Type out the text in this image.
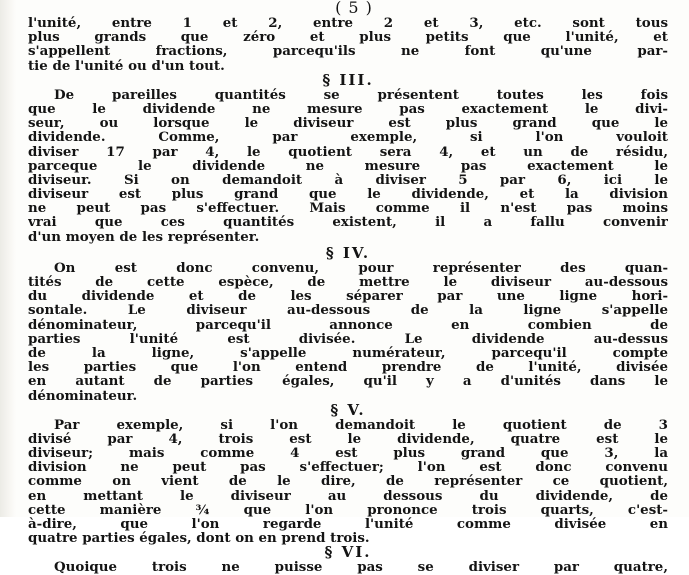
( 5 )
l'unité, entre 1 et 2, entre 2 et 3, etc. sont tous
plus grands que zéro et plus petits que l'unité, et
s'appellent fractions, parcequ'ils ne font qu'une par-
tie de l'unité ou d'un tout.
§ III.
De pareilles quantités se présentent toutes les fois
que le dividende ne mesure pas exactement le divi-
seur, ou lorsque le diviseur est plus grand que le
dividende. Comme, par exemple, si l'on vouloit
diviser 17 par 4, le quotient sera 4, et un de résidu,
parceque le dividende ne mesure pas exactement le
diviseur. Si on demandoit à diviser 5 par 6, ici le
diviseur est plus grand que le dividende, et la division
ne peut pas s'effectuer. Mais comme il n'est pas moins
vrai que ces quantités existent, il a fallu convenir
d'un moyen de les représenter.
§ IV.
On est donc convenu, pour représenter des quan-
tités de cette espèce, de mettre le diviseur au-dessous
du dividende et de les séparer par une ligne hori-
sontale. Le diviseur au-dessous de la ligne s'appelle
dénominateur, parcequ'il annonce en combien de
parties l'unité est divisée. Le dividende au-dessus
de la ligne, s'appelle numérateur, parcequ'il compte
les parties que l'on entend prendre de l'unité, divisée
en autant de parties égales, qu'il y a d'unités dans le
dénominateur.
§ V.
Par exemple, si l'on demandoit le quotient de 3
divisé par 4, trois est le dividende, quatre est le
diviseur; mais comme 4 est plus grand que 3, la
division ne peut pas s'effectuer; l'on est donc convenu
comme on vient de le dire, de représenter ce quotient,
en mettant le diviseur au dessous du dividende, de
cette manière ¾ que l'on prononce trois quarts, c'est-
à-dire, que l'on regarde l'unité comme divisée en
quatre parties égales, dont on en prend trois.
§ VI.
Quoique trois ne puisse pas se diviser par quatre,
